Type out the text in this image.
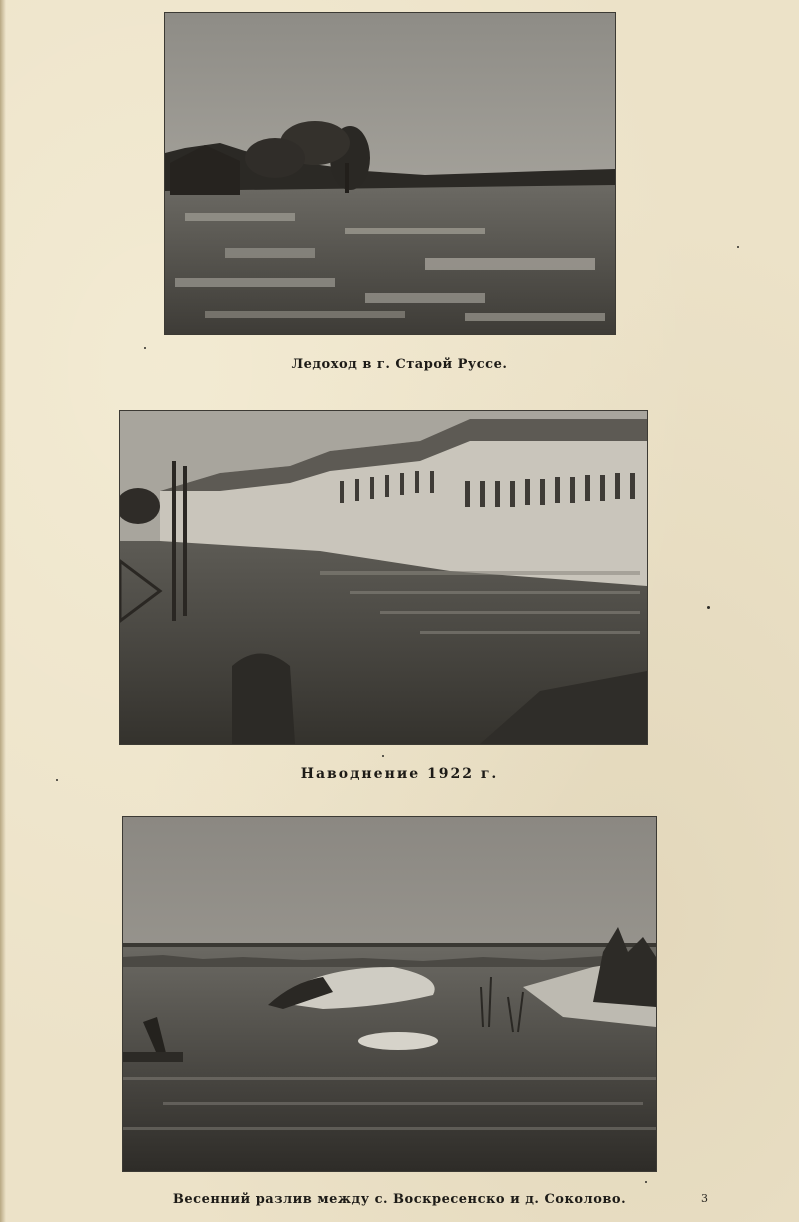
Ледоход в г. Старой Руссе.
Наводнение 1922 г.
Весенний разлив между с. Воскресенско и д. Соколово.	3
